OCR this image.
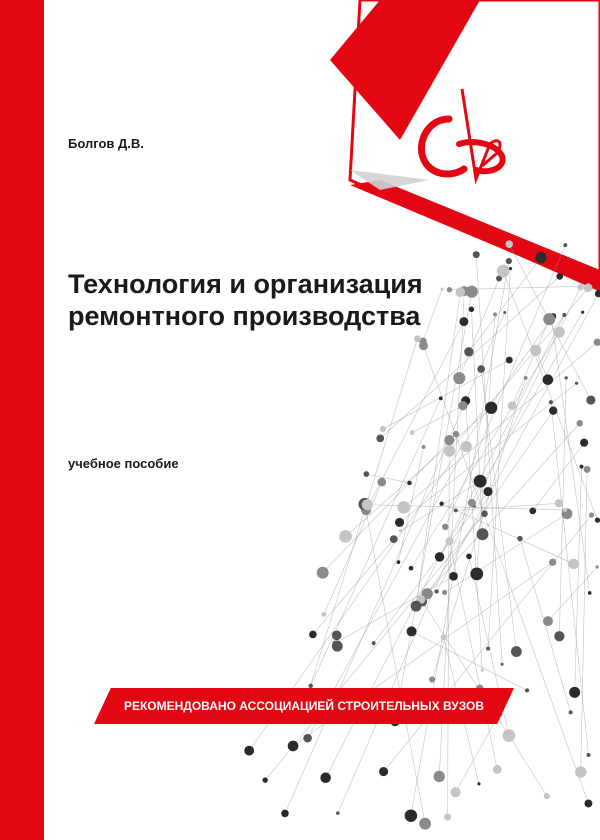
Болгов Д.В.
Технология и организация
ремонтного производства
учебное пособие
РЕКОМЕНДОВАНО АССОЦИАЦИЕЙ СТРОИТЕЛЬНЫХ ВУЗОВ
